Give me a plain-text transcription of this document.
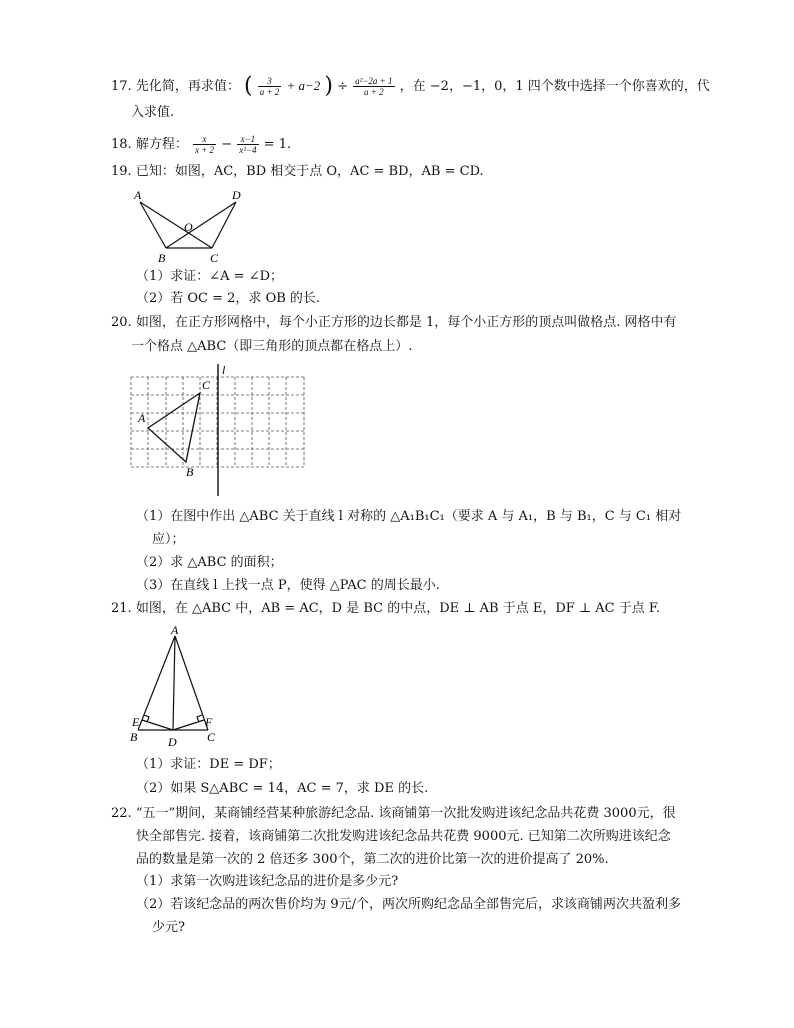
17. 先化简，再求值： ( $\frac{3}{a + 2} + a-2$ ) ÷ $\frac{\text{a²−2a + 1}}{a + 2}$ ，在 −2，−1，0，1 四个数中选择一个你喜欢的，代
入求值.
18. 解方程： $\frac{x}{x + 2} - \frac{x-1}{\text{x²−4}} = 1$.
19. 已知：如图，AC，BD 相交于点 O，AC = BD，AB = CD.
A	D
O
B	C
（1）求证：∠A = ∠D；
（2）若 OC = 2，求 OB 的长.
20. 如图，在正方形网格中，每个小正方形的边长都是 1，每个小正方形的顶点叫做格点. 网格中有
一个格点 △ABC（即三角形的顶点都在格点上）.
A
C
B
l
（1）在图中作出 △ABC 关于直线 l 对称的 △A₁B₁C₁（要求 A 与 A₁，B 与 B₁，C 与 C₁ 相对
应）；
（2）求 △ABC 的面积；
（3）在直线 l 上找一点 P，使得 △PAC 的周长最小.
21. 如图，在 △ABC 中，AB = AC，D 是 BC 的中点，DE ⊥ AB 于点 E，DF ⊥ AC 于点 F.
A
E
B	D
F
C
（1）求证：DE = DF；
（2）如果 S△ABC = 14，AC = 7，求 DE 的长.
22. “五一”期间，某商铺经营某种旅游纪念品. 该商铺第一次批发购进该纪念品共花费 3000元，很
快全部售完. 接着，该商铺第二次批发购进该纪念品共花费 9000元. 已知第二次所购进该纪念
品的数量是第一次的 2 倍还多 300个，第二次的进价比第一次的进价提高了 20%.
（1）求第一次购进该纪念品的进价是多少元?
（2）若该纪念品的两次售价均为 9元/个，两次所购纪念品全部售完后，求该商铺两次共盈利多
少元?
